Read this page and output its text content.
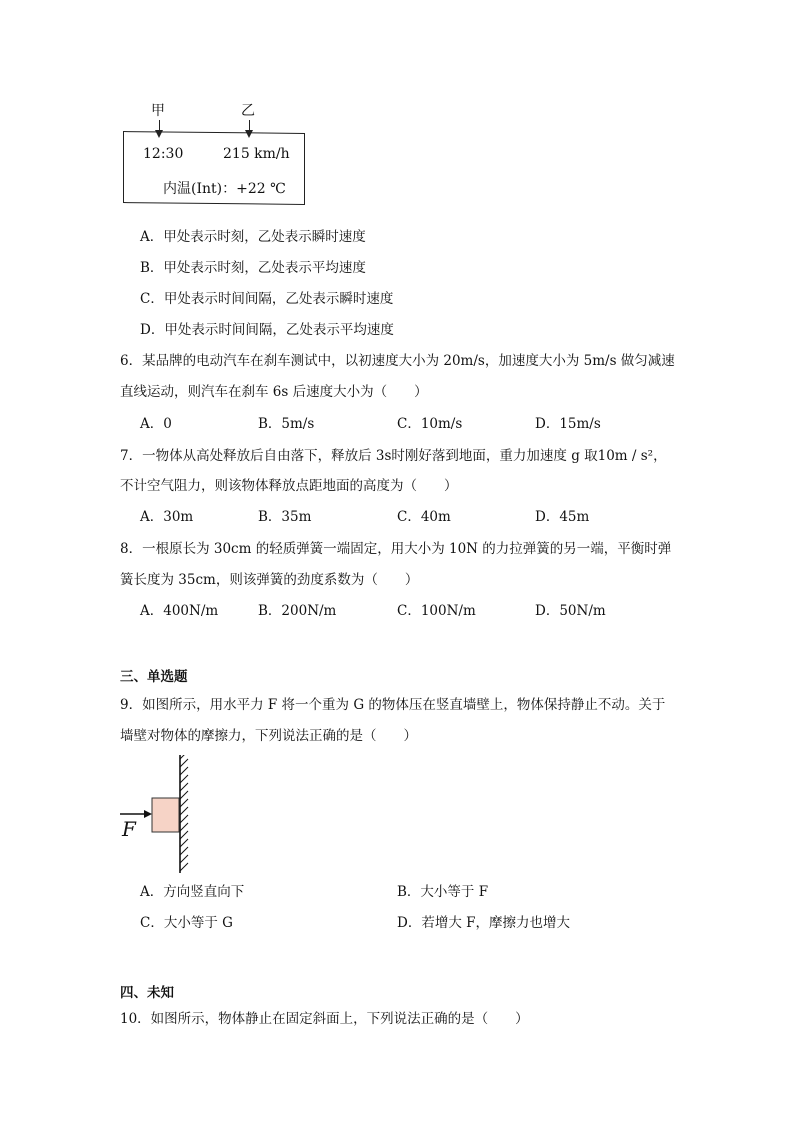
甲	乙
12:30	215 km/h
内温(Int)：+22 ℃
A．甲处表示时刻，乙处表示瞬时速度
B．甲处表示时刻，乙处表示平均速度
C．甲处表示时间间隔，乙处表示瞬时速度
D．甲处表示时间间隔，乙处表示平均速度
6．某品牌的电动汽车在刹车测试中，以初速度大小为 20m/s，加速度大小为 5m/s 做匀减速
直线运动，则汽车在刹车 6s 后速度大小为（　　）
A．0	B．5m/s	C．10m/s	D．15m/s
7．一物体从高处释放后自由落下，释放后 3s时刚好落到地面，重力加速度 g 取10m / s²，
不计空气阻力，则该物体释放点距地面的高度为（　　）
A．30m	B．35m	C．40m	D．45m
8．一根原长为 30cm 的轻质弹簧一端固定，用大小为 10N 的力拉弹簧的另一端，平衡时弹
簧长度为 35cm，则该弹簧的劲度系数为（　　）
A．400N/m	B．200N/m	C．100N/m	D．50N/m
三、单选题
9．如图所示，用水平力 F 将一个重为 G 的物体压在竖直墙壁上，物体保持静止不动。关于
墙壁对物体的摩擦力，下列说法正确的是（　　）
F
A．方向竖直向下	B．大小等于 F
C．大小等于 G	D．若增大 F，摩擦力也增大
四、未知
10．如图所示，物体静止在固定斜面上，下列说法正确的是（　　）
